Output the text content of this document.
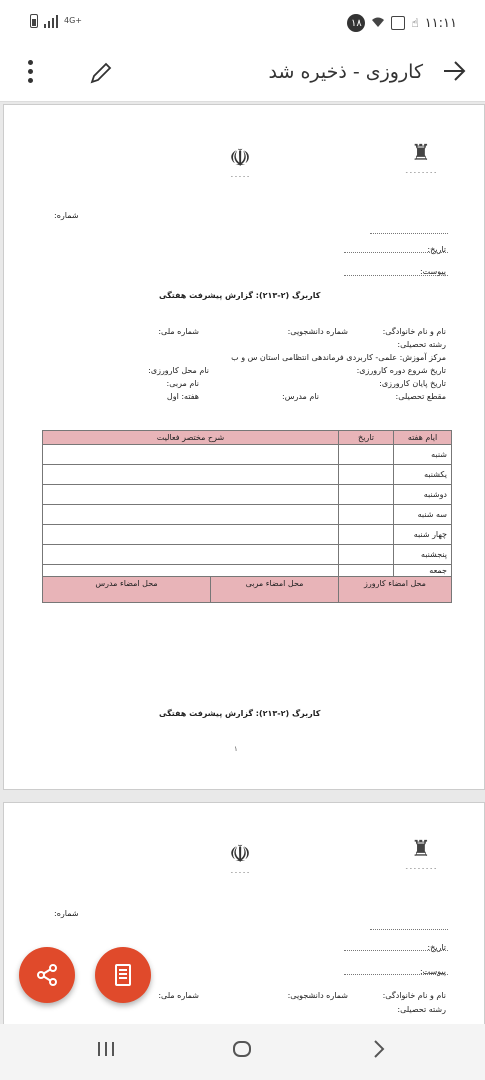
4G+	۱۸	☝ ۱۱:۱۱
کاروزی - ذخیره شد
☫
- - - - -
♜
- - - - - - - -
شماره:
تاریخ:
پیوست:
کاربرگ (۲-۲۱۳): گزارش پیشرفت هفتگی
نام و نام خانوادگی:
شماره دانشجویی:
شماره ملی:
رشته تحصیلی:
مرکز آموزش: علمی- کاربردی فرماندهی انتظامی استان س و ب
تاریخ شروع دوره کارورزی:
نام محل کارورزی:
تاریخ پایان کارورزی:
نام مربی:
مقطع تحصیلی:
نام مدرس:
هفته: اول
ایام هفته	تاریخ	شرح مختصر فعالیت	
شنبه			
یکشنبه			
دوشنبه			
سه شنبه			
چهار شنبه			
پنجشنبه			
جمعه			
محل امضاء کارورز		محل امضاء مربی	محل امضاء مدرس
کاربرگ (۲-۲۱۳): گزارش پیشرفت هفتگی
۱
☫
- - - - -
♜
- - - - - - - -
شماره:
تاریخ:
پیوست:
نام و نام خانوادگی:
شماره دانشجویی:
شماره ملی:
رشته تحصیلی:
